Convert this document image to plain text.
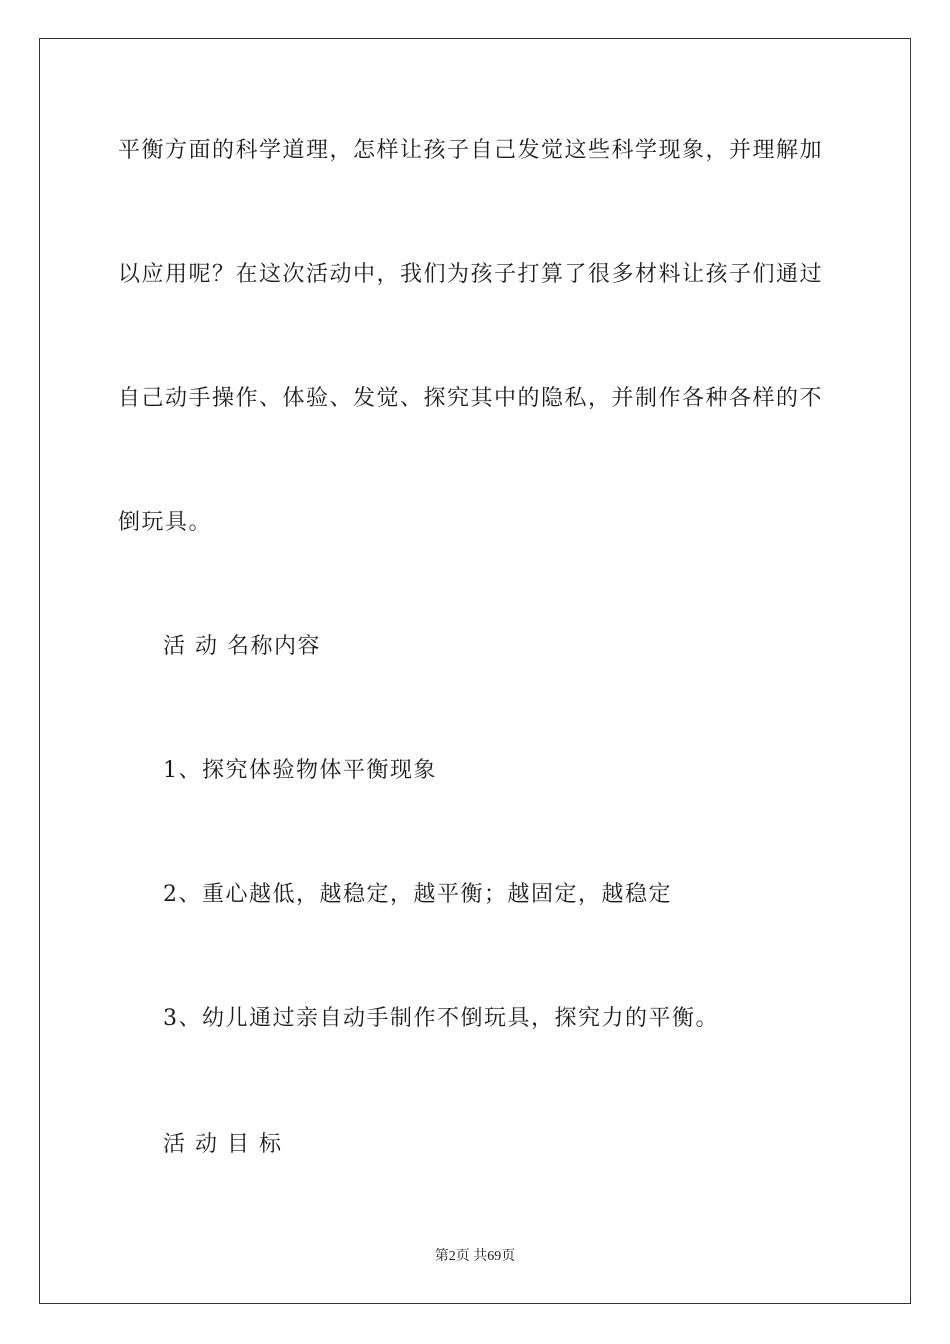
平衡方面的科学道理，怎样让孩子自己发觉这些科学现象，并理解加
以应用呢？在这次活动中，我们为孩子打算了很多材料让孩子们通过
自己动手操作、体验、发觉、探究其中的隐私，并制作各种各样的不
倒玩具。
活 动 名称内容
1、探究体验物体平衡现象
2、重心越低，越稳定，越平衡；越固定，越稳定
3、幼儿通过亲自动手制作不倒玩具，探究力的平衡。
活 动 目 标
第2页 共69页
